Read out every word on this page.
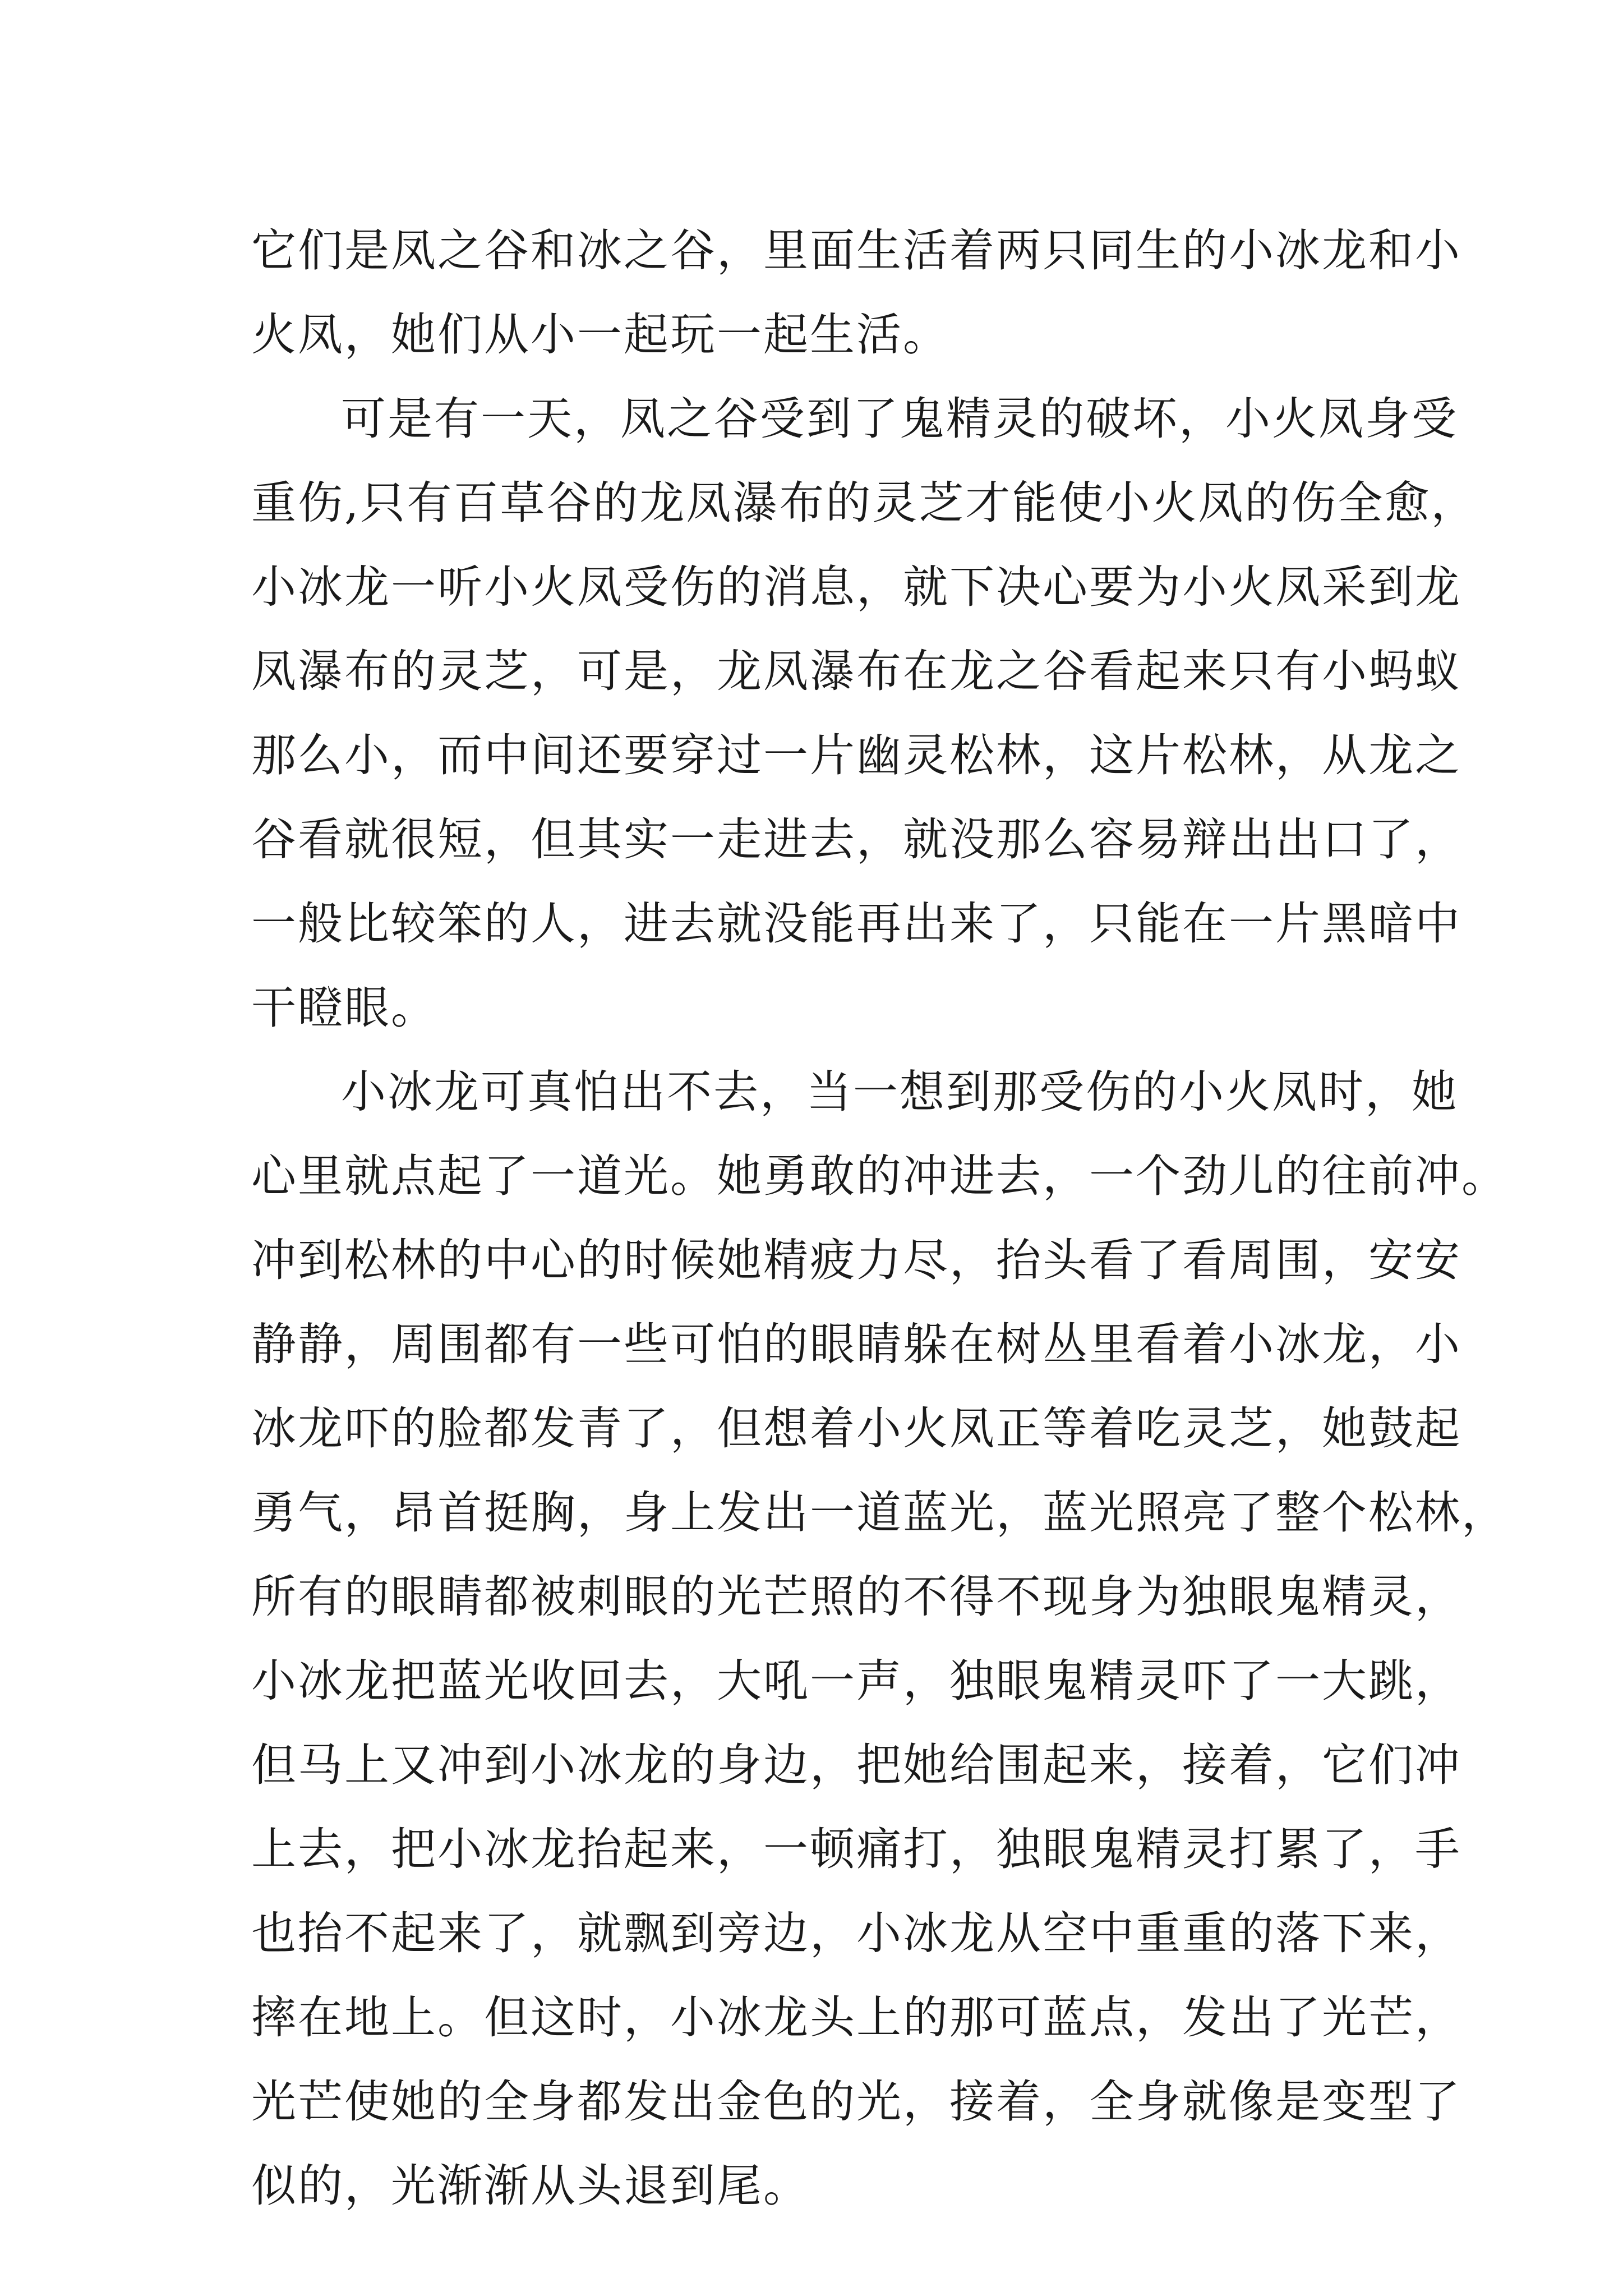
它们是凤之谷和冰之谷，里面生活着两只同生的小冰龙和小
火凤，她们从小一起玩一起生活。
可是有一天，凤之谷受到了鬼精灵的破坏，小火凤身受
重伤,只有百草谷的龙凤瀑布的灵芝才能使小火凤的伤全愈，
小冰龙一听小火凤受伤的消息，就下决心要为小火凤采到龙
凤瀑布的灵芝，可是，龙凤瀑布在龙之谷看起来只有小蚂蚁
那么小，而中间还要穿过一片幽灵松林，这片松林，从龙之
谷看就很短，但其实一走进去，就没那么容易辩出出口了，
一般比较笨的人，进去就没能再出来了，只能在一片黑暗中
干瞪眼。
小冰龙可真怕出不去，当一想到那受伤的小火凤时，她
心里就点起了一道光。她勇敢的冲进去，一个劲儿的往前冲。
冲到松林的中心的时候她精疲力尽，抬头看了看周围，安安
静静，周围都有一些可怕的眼睛躲在树丛里看着小冰龙，小
冰龙吓的脸都发青了，但想着小火凤正等着吃灵芝，她鼓起
勇气，昂首挺胸，身上发出一道蓝光，蓝光照亮了整个松林，
所有的眼睛都被刺眼的光芒照的不得不现身为独眼鬼精灵，
小冰龙把蓝光收回去，大吼一声，独眼鬼精灵吓了一大跳，
但马上又冲到小冰龙的身边，把她给围起来，接着，它们冲
上去，把小冰龙抬起来，一顿痛打，独眼鬼精灵打累了，手
也抬不起来了，就飘到旁边，小冰龙从空中重重的落下来，
摔在地上。但这时，小冰龙头上的那可蓝点，发出了光芒，
光芒使她的全身都发出金色的光，接着，全身就像是变型了
似的，光渐渐从头退到尾。
